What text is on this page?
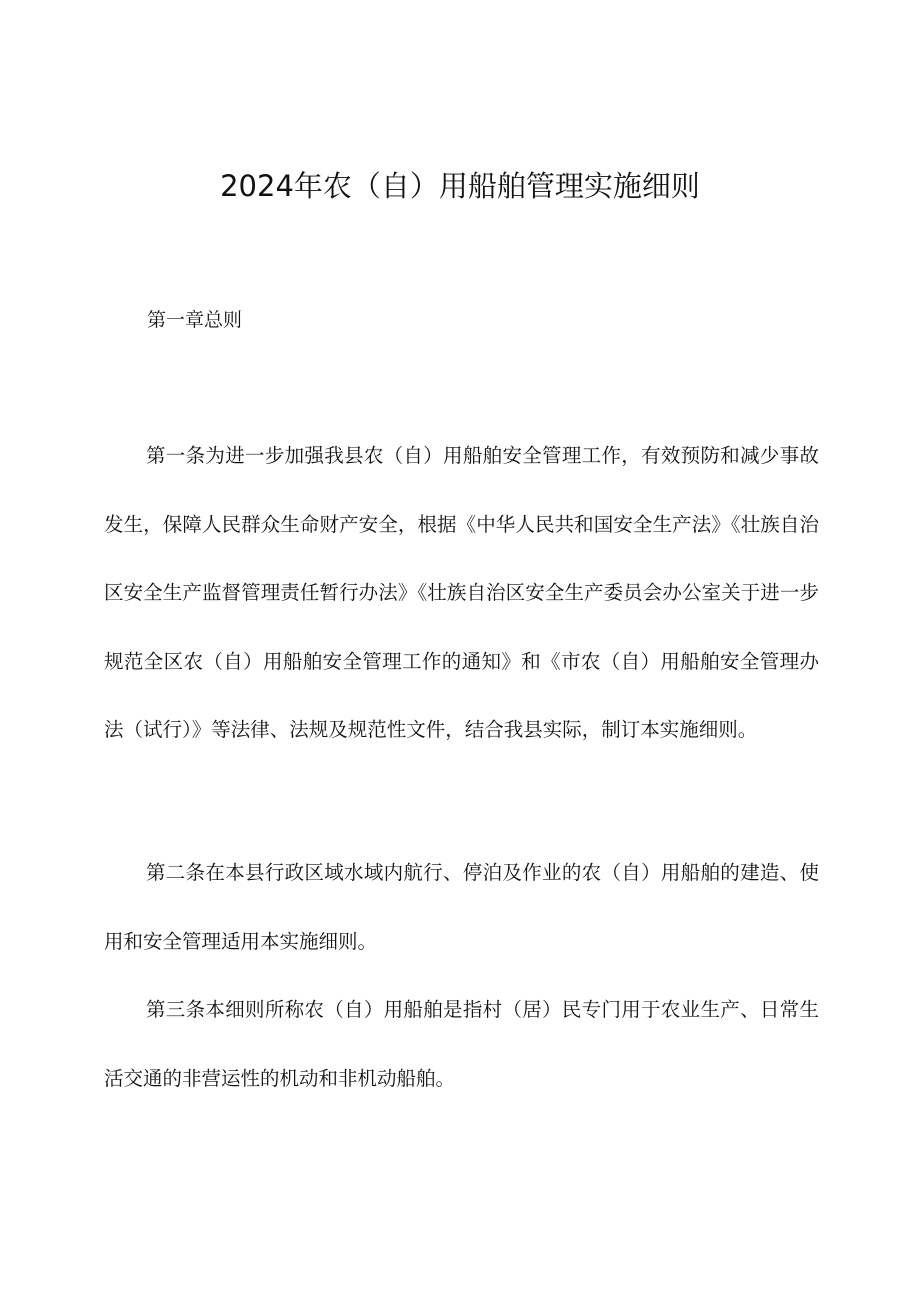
2024年农（自）用船舶管理实施细则

第一章总则

第一条为进一步加强我县农（自）用船舶安全管理工作，有效预防和减少事故发生，保障人民群众生命财产安全，根据《中华人民共和国安全生产法》《壮族自治区安全生产监督管理责任暂行办法》《壮族自治区安全生产委员会办公室关于进一步规范全区农（自）用船舶安全管理工作的通知》和《市农（自）用船舶安全管理办法（试行）》等法律、法规及规范性文件，结合我县实际，制订本实施细则。

第二条在本县行政区域水域内航行、停泊及作业的农（自）用船舶的建造、使用和安全管理适用本实施细则。

第三条本细则所称农（自）用船舶是指村（居）民专门用于农业生产、日常生活交通的非营运性的机动和非机动船舶。
